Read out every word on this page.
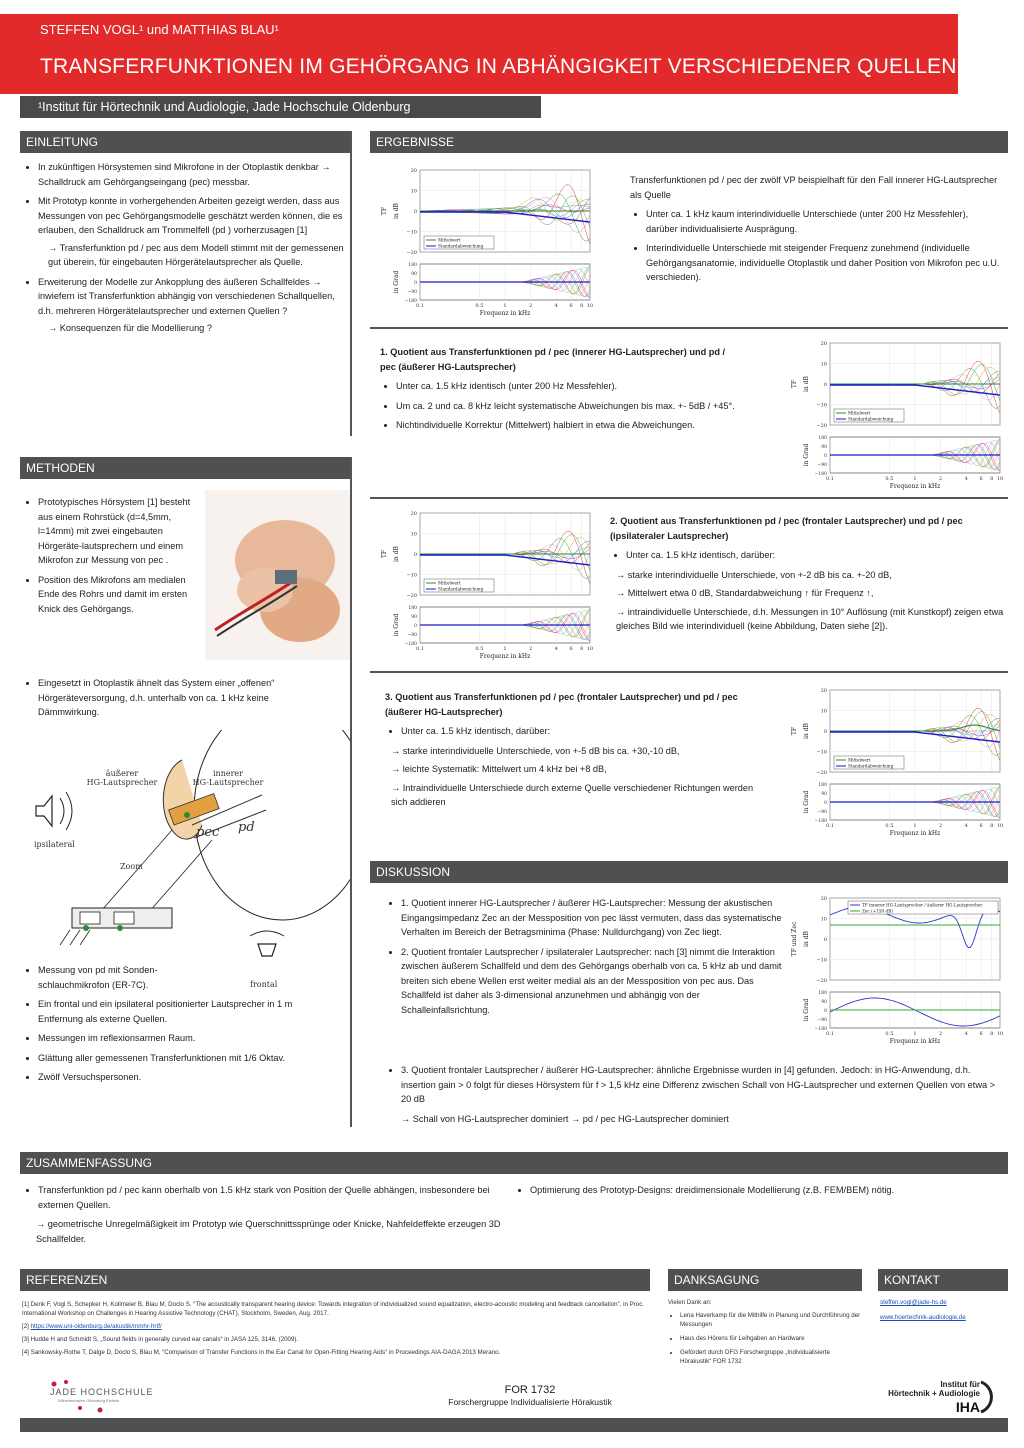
STEFFEN VOGL¹ und MATTHIAS BLAU¹
TRANSFERFUNKTIONEN IM GEHÖRGANG IN ABHÄNGIGKEIT VERSCHIEDENER QUELLEN
¹Institut für Hörtechnik und Audiologie, Jade Hochschule Oldenburg
EINLEITUNG
• In zukünftigen Hörsystemen sind Mikrofone in der Otoplastik denkbar → Schalldruck am Gehörgangseingang (pec) messbar.
• Mit Prototyp konnte in vorhergehenden Arbeiten gezeigt werden, dass aus Messungen von pec Gehörgangsmodelle geschätzt werden können, die es erlauben, den Schalldruck am Trommelfell (pd ) vorherzusagen [1]
→ Transferfunktion pd / pec aus dem Modell stimmt mit der gemessenen gut überein, für eingebauten Hörgerätelautsprecher als Quelle.
• Erweiterung der Modelle zur Ankopplung des äußeren Schallfeldes → inwiefern ist Transferfunktion abhängig von verschiedenen Schallquellen, d.h. mehreren Hörgerätelautsprecher und externen Quellen ?
→ Konsequenzen für die Modellierung ?
METHODEN
• Prototypisches Hörsystem [1] besteht aus einem Rohrstück (d=4,5mm, l=14mm) mit zwei eingebauten Hörgeräte-lautsprechern und einem Mikrofon zur Messung von pec .
• Position des Mikrofons am medialen Ende des Rohrs und damit im ersten Knick des Gehörgangs.
• Eingesetzt in Otoplastik ähnelt das System einer „offenen“ Hörgeräteversorgung, d.h. unterhalb von ca. 1 kHz keine Dämmwirkung.
äußerer
HG-Lautsprecher
innerer
HG-Lautsprecher
pec pd
ipsilateral
Zoom
frontal
• Messung von pd mit Sonden-schlauchmikrofon (ER-7C).
• Ein frontal und ein ipsilateral positionierter Lautsprecher in 1 m Entfernung als externe Quellen.
• Messungen im reflexionsarmen Raum.
• Glättung aller gemessenen Transferfunktionen mit 1/6 Oktav.
• Zwölf Versuchspersonen.
ERGEBNISSE
0.1	0.5	1	2	4 6 8 10
20
10
0
−10
−20
180
90
0
−90
−180
Frequenz in kHz
TF in dB
in Grad
Mittelwert
Standardabweichung
Transferfunktionen pd / pec der zwölf VP beispielhaft für den Fall innerer HG-Lautsprecher als Quelle
• Unter ca. 1 kHz kaum interindividuelle Unterschiede (unter 200 Hz Messfehler), darüber individualisierte Ausprägung.
• Interindividuelle Unterschiede mit steigender Frequenz zunehmend (individuelle Gehörgangsanatomie, individuelle Otoplastik und daher Position von Mikrofon pec u.U. verschieden).
1. Quotient aus Transferfunktionen pd / pec (innerer HG-Lautsprecher) und pd / pec (äußerer HG-Lautsprecher)
• Unter ca. 1.5 kHz identisch (unter 200 Hz Messfehler).
• Um ca. 2 und ca. 8 kHz leicht systematische Abweichungen bis max. +- 5dB / +45°.
• Nichtindividuelle Korrektur (Mittelwert) halbiert in etwa die Abweichungen.
0.1	0.5	1	2	4 6 8 10
20
10
0
−10
−20
180
90
0
−90
−180
Frequenz in kHz
TF in dB
in Grad
Mittelwert
Standardabweichung
0.1	0.5	1	2	4 6 8 10
20
10
0
−10
−20
180
90
0
−90
−180
Frequenz in kHz
TF in dB
in Grad
Mittelwert
Standardabweichung
2. Quotient aus Transferfunktionen pd / pec (frontaler Lautsprecher) und pd / pec (ipsilateraler Lautsprecher)
• Unter ca. 1.5 kHz identisch, darüber:
→ starke interindividuelle Unterschiede, von +-2 dB bis ca. +-20 dB,
→ Mittelwert etwa 0 dB, Standardabweichung ↑ für Frequenz ↑,
→ intraindividuelle Unterschiede, d.h. Messungen in 10° Auflösung (mit Kunstkopf) zeigen etwa gleiches Bild wie interindividuell (keine Abbildung, Daten siehe [2]).
3. Quotient aus Transferfunktionen pd / pec (frontaler Lautsprecher) und pd / pec (äußerer HG-Lautsprecher)
• Unter ca. 1.5 kHz identisch, darüber:
→ starke interindividuelle Unterschiede, von +-5 dB bis ca. +30,-10 dB,
→ leichte Systematik: Mittelwert um 4 kHz bei +8 dB,
→ Intraindividuelle Unterschiede durch externe Quelle verschiedener Richtungen werden sich addieren
0.1	0.5	1	2	4 6 8 10
20
10
0
−10
−20
180
90
0
−90
−180
Frequenz in kHz
TF in dB
in Grad
Mittelwert
Standardabweichung
DISKUSSION
• 1. Quotient innerer HG-Lautsprecher / äußerer HG-Lautsprecher: Messung der akustischen Eingangsimpedanz Zec an der Messposition von pec lässt vermuten, dass das systematische Verhalten im Bereich der Betragsminima (Phase: Nulldurchgang) von Zec liegt.
• 2. Quotient frontaler Lautsprecher / ipsilateraler Lautsprecher: nach [3] nimmt die Interaktion zwischen äußerem Schallfeld und dem des Gehörgangs oberhalb von ca. 5 kHz ab und damit breiten sich ebene Wellen erst weiter medial als an der Messposition von pec aus. Das Schallfeld ist daher als 3-dimensional anzunehmen und abhängig von der Schalleinfallsrichtung.
0.1	0.5	1	2	4 6 8 10
20
10
0
−10
−20
180
90
0
−90
−180
Frequenz in kHz
TF und Zec in dB
in Grad
TF innerer HG-Lautsprecher / äußerer HG-Lautsprecher
Zec (+150 dB)
• 3. Quotient frontaler Lautsprecher / äußerer HG-Lautsprecher: ähnliche Ergebnisse wurden in [4] gefunden. Jedoch: in HG-Anwendung, d.h. insertion gain > 0 folgt für dieses Hörsystem für f > 1,5 kHz eine Differenz zwischen Schall von HG-Lautsprecher und externen Quellen von etwa > 20 dB
→ Schall von HG-Lautsprecher dominiert → pd / pec HG-Lautsprecher dominiert
ZUSAMMENFASSUNG
• Transferfunktion pd / pec kann oberhalb von 1.5 kHz stark von Position der Quelle abhängen, insbesondere bei externen Quellen.
→ geometrische Unregelmäßigkeit im Prototyp wie Querschnittssprünge oder Knicke, Nahfeldeffekte erzeugen 3D Schallfelder.
• Optimierung des Prototyp-Designs: dreidimensionale Modellierung (z.B. FEM/BEM) nötig.
REFERENZEN
[1] Denk F, Vogl S, Schepker H, Kollmeier B, Blau M, Doclo S. “The acoustically transparent hearing device: Towards integration of individualized sound equalization, electro-acoustic modeling and feedback cancellation”, in Proc. International Workshop on Challenges in Hearing Assistive Technology (CHAT), Stockholm, Sweden, Aug. 2017.
[2] https://www.uni-oldenburg.de/akustik/mmhr-hrtf/
[3] Hudde H and Schmidt S, „Sound fields in generally curved ear canals“ in JASA 125, 3146, (2009).
[4] Sankowsky-Rothe T, Dalge D, Doclo S, Blau M, “Comparison of Transfer Functions in the Ear Canal for Open-Fitting Hearing Aids“ in Proceedings AIA-DAGA 2013 Merano.
DANKSAGUNG
Vielen Dank an:
• Lena Haverkamp für die Mithilfe in Planung und Durchführung der Messungen
• Haus des Hörens für Leihgaben an Hardware
• Gefördert durch DFG Forschergruppe „Individualisierte Hörakustik“ FOR 1732
KONTAKT
steffen.vogl@jade-hs.de
www.hoertechnik-audiologie.de
JADE HOCHSCHULE
Wilhelmshaven Oldenburg Elsfleth
FOR 1732
Forschergruppe Individualisierte Hörakustik
Institut für
Hörtechnik + Audiologie
IHA
